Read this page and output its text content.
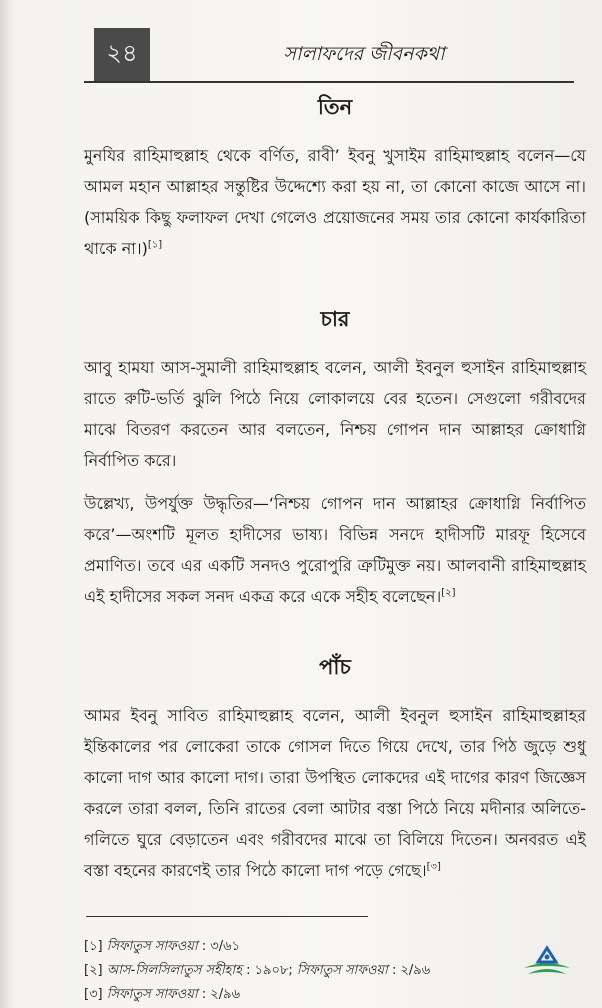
২৪	সালাফদের জীবনকথা
তিন

মুনযির রাহিমাহুল্লাহ থেকে বর্ণিত, রাবী’ ইবনু খুসাইম রাহিমাহুল্লাহ বলেন—যে আমল মহান আল্লাহর সন্তুষ্টির উদ্দেশ্যে করা হয় না, তা কোনো কাজে আসে না। (সাময়িক কিছু ফলাফল দেখা গেলেও প্রয়োজনের সময় তার কোনো কার্যকারিতা থাকে না।)[১]

চার

আবু হামযা আস-সুমালী রাহিমাহুল্লাহ বলেন, আলী ইবনুল হুসাইন রাহিমাহুল্লাহ রাতে রুটি-ভর্তি ঝুলি পিঠে নিয়ে লোকালয়ে বের হতেন। সেগুলো গরীবদের মাঝে বিতরণ করতেন আর বলতেন, নিশ্চয় গোপন দান আল্লাহর ক্রোধাগ্নি নির্বাপিত করে।

উল্লেখ্য, উপর্যুক্ত উদ্ধৃতির—‘নিশ্চয় গোপন দান আল্লাহর ক্রোধাগ্নি নির্বাপিত করে’—অংশটি মূলত হাদীসের ভাষ্য। বিভিন্ন সনদে হাদীসটি মারফূ হিসেবে প্রমাণিত। তবে এর একটি সনদও পুরোপুরি ত্রুটিমুক্ত নয়। আলবানী রাহিমাহুল্লাহ এই হাদীসের সকল সনদ একত্র করে একে সহীহ বলেছেন।[২]

পাঁচ

আমর ইবনু সাবিত রাহিমাহুল্লাহ বলেন, আলী ইবনুল হুসাইন রাহিমাহুল্লাহর ইন্তিকালের পর লোকেরা তাকে গোসল দিতে গিয়ে দেখে, তার পিঠ জুড়ে শুধু কালো দাগ আর কালো দাগ। তারা উপস্থিত লোকদের এই দাগের কারণ জিজ্ঞেস করলে তারা বলল, তিনি রাতের বেলা আটার বস্তা পিঠে নিয়ে মদীনার অলিতে-গলিতে ঘুরে বেড়াতেন এবং গরীবদের মাঝে তা বিলিয়ে দিতেন। অনবরত এই বস্তা বহনের কারণেই তার পিঠে কালো দাগ পড়ে গেছে।[৩]

[১] সিফাতুস সাফওয়া : ৩/৬১

[২] আস-সিলসিলাতুস সহীহাহ : ১৯০৮; সিফাতুস সাফওয়া : ২/৯৬

[৩] সিফাতুস সাফওয়া : ২/৯৬
